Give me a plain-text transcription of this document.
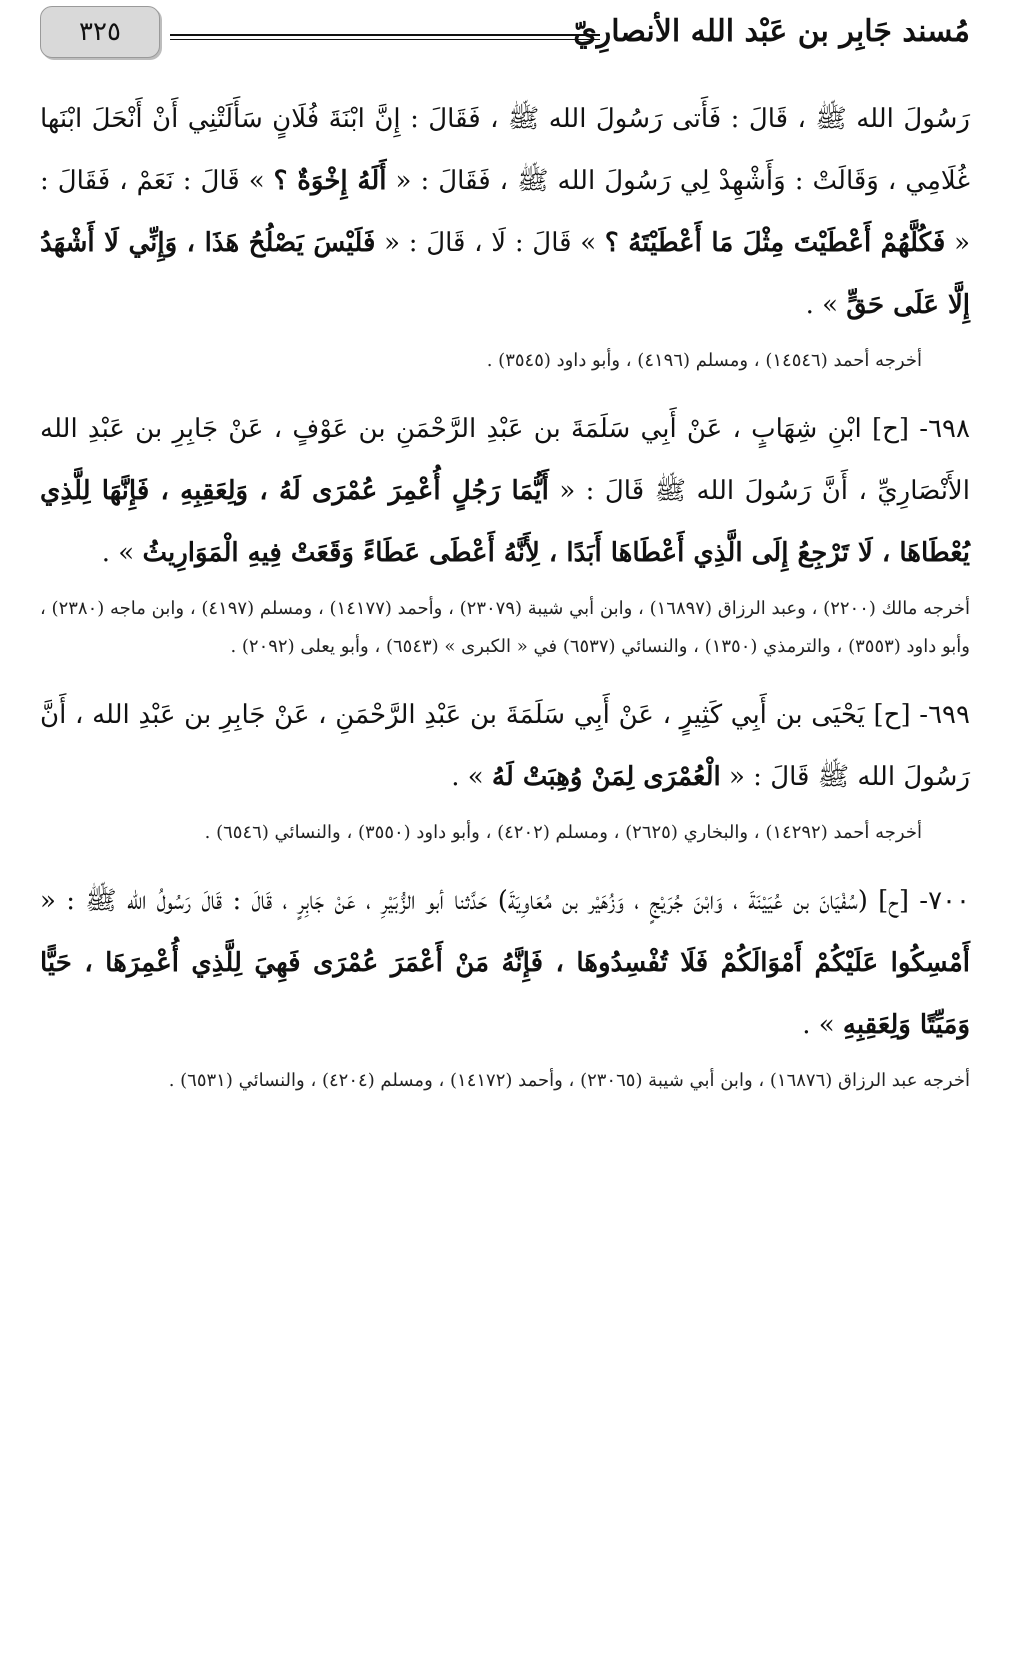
مُسند جَابِر بن عَبْد الله الأنصارِيّ
٣٢٥

رَسُولَ الله ﷺ ، قَالَ : فَأَتى رَسُولَ الله ﷺ ، فَقَالَ : إِنَّ ابْنَةَ فُلَانٍ سَأَلَتْنِي أَنْ أَنْحَلَ ابْنَها غُلَامِي ، وَقَالَتْ : وَأَشْهِدْ لِي رَسُولَ الله ﷺ ، فَقَالَ : « أَلَهُ إِخْوَةٌ ؟ » قَالَ : نَعَمْ ، فَقَالَ : « فَكُلَّهُمْ أَعْطَيْتَ مِثْلَ مَا أَعْطَيْتَهُ ؟ » قَالَ : لَا ، قَالَ : « فَلَيْسَ يَصْلُحُ هَذَا ، وَإِنِّي لَا أَشْهَدُ إِلَّا عَلَى حَقٍّ » .

أخرجه أحمد (١٤٥٤٦) ، ومسلم (٤١٩٦) ، وأبو داود (٣٥٤٥) .

٦٩٨- [ح] ابْنِ شِهَابٍ ، عَنْ أَبِي سَلَمَةَ بن عَبْدِ الرَّحْمَنِ بن عَوْفٍ ، عَنْ جَابِرِ بن عَبْدِ الله الأَنْصَارِيِّ ، أَنَّ رَسُولَ الله ﷺ قَالَ : « أَيُّمَا رَجُلٍ أُعْمِرَ عُمْرَى لَهُ ، وَلِعَقِبِهِ ، فَإِنَّهَا لِلَّذِي يُعْطَاهَا ، لَا تَرْجِعُ إِلَى الَّذِي أَعْطَاهَا أَبَدًا ، لِأَنَّهُ أَعْطَى عَطَاءً وَقَعَتْ فِيهِ الْمَوَارِيثُ » .

أخرجه مالك (٢٢٠٠) ، وعبد الرزاق (١٦٨٩٧) ، وابن أبي شيبة (٢٣٠٧٩) ، وأحمد (١٤١٧٧) ، ومسلم (٤١٩٧) ، وابن ماجه (٢٣٨٠) ، وأبو داود (٣٥٥٣) ، والترمذي (١٣٥٠) ، والنسائي (٦٥٣٧) في « الكبرى » (٦٥٤٣) ، وأبو يعلى (٢٠٩٢) .

٦٩٩- [ح] يَحْيَى بن أَبِي كَثِيرٍ ، عَنْ أَبِي سَلَمَةَ بن عَبْدِ الرَّحْمَنِ ، عَنْ جَابِرِ بن عَبْدِ الله ، أَنَّ رَسُولَ الله ﷺ قَالَ : « الْعُمْرَى لِمَنْ وُهِبَتْ لَهُ » .

أخرجه أحمد (١٤٢٩٢) ، والبخاري (٢٦٢٥) ، ومسلم (٤٢٠٢) ، وأبو داود (٣٥٥٠) ، والنسائي (٦٥٤٦) .

٧٠٠- [ح] (سُفْيَانَ بن عُيَيْنَةَ ، وَابْنَ جُرَيْجٍ ، وَزُهَيْر بن مُعَاوِيَةَ) حَدَّثنا أبو الزُّبَيْرِ ، عَنْ جَابِرٍ ، قَالَ : قَالَ رَسُولُ الله ﷺ : « أَمْسِكُوا عَلَيْكُمْ أَمْوَالَكُمْ فَلَا تُفْسِدُوهَا ، فَإِنَّهُ مَنْ أَعْمَرَ عُمْرَى فَهِيَ لِلَّذِي أُعْمِرَهَا ، حَيًّا وَمَيِّتًا وَلِعَقِبِهِ » .

أخرجه عبد الرزاق (١٦٨٧٦) ، وابن أبي شيبة (٢٣٠٦٥) ، وأحمد (١٤١٧٢) ، ومسلم (٤٢٠٤) ، والنسائي (٦٥٣١) .
